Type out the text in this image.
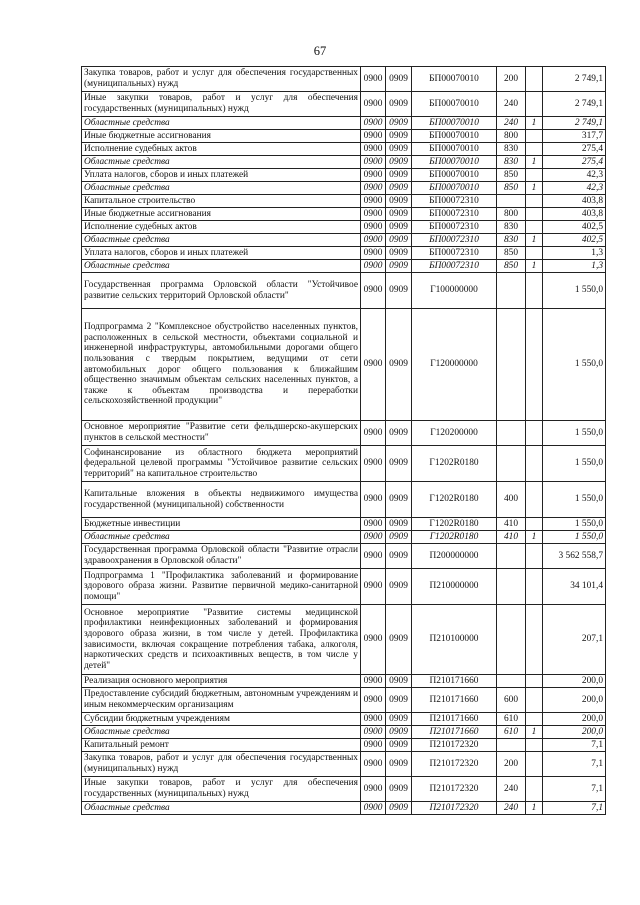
67
Закупка товаров, работ и услуг для обеспечения государственных (муниципальных) нужд	0900	0909	БП00070010	200		2 749,1
Иные закупки товаров, работ и услуг для обеспечения государственных (муниципальных) нужд	0900	0909	БП00070010	240		2 749,1
Областные средства	0900	0909	БП00070010	240	1	2 749,1
Иные бюджетные ассигнования	0900	0909	БП00070010	800		317,7
Исполнение судебных актов	0900	0909	БП00070010	830		275,4
Областные средства	0900	0909	БП00070010	830	1	275,4
Уплата налогов, сборов и иных платежей	0900	0909	БП00070010	850		42,3
Областные средства	0900	0909	БП00070010	850	1	42,3
Капитальное строительство	0900	0909	БП00072310			403,8
Иные бюджетные ассигнования	0900	0909	БП00072310	800		403,8
Исполнение судебных актов	0900	0909	БП00072310	830		402,5
Областные средства	0900	0909	БП00072310	830	1	402,5
Уплата налогов, сборов и иных платежей	0900	0909	БП00072310	850		1,3
Областные средства	0900	0909	БП00072310	850	1	1,3
Государственная программа Орловской области "Устойчивое развитие сельских территорий Орловской области"	0900	0909	Г100000000			1 550,0
Подпрограмма 2 "Комплексное обустройство населенных пунктов, расположенных в сельской местности, объектами социальной и инженерной инфраструктуры, автомобильными дорогами общего пользования с твердым покрытием, ведущими от сети автомобильных дорог общего пользования к ближайшим общественно значимым объектам сельских населенных пунктов, а также к объектам производства и переработки сельскохозяйственной продукции"	0900	0909	Г120000000			1 550,0
Основное мероприятие "Развитие сети фельдшерско-акушерских пунктов в сельской местности"	0900	0909	Г120200000			1 550,0
Софинансирование из областного бюджета мероприятий федеральной целевой программы "Устойчивое развитие сельских территорий" на капитальное строительство	0900	0909	Г1202R0180			1 550,0
Капитальные вложения в объекты недвижимого имущества государственной (муниципальной) собственности	0900	0909	Г1202R0180	400		1 550,0
Бюджетные инвестиции	0900	0909	Г1202R0180	410		1 550,0
Областные средства	0900	0909	Г1202R0180	410	1	1 550,0
Государственная программа Орловской области "Развитие отрасли здравоохранения в Орловской области"	0900	0909	П200000000			3 562 558,7
Подпрограмма 1 "Профилактика заболеваний и формирование здорового образа жизни. Развитие первичной медико-санитарной помощи"	0900	0909	П210000000			34 101,4
Основное мероприятие "Развитие системы медицинской профилактики неинфекционных заболеваний и формирования здорового образа жизни, в том числе у детей. Профилактика зависимости, включая сокращение потребления табака, алкоголя, наркотических средств и психоактивных веществ, в том числе у детей"	0900	0909	П210100000			207,1
Реализация основного мероприятия	0900	0909	П210171660			200,0
Предоставление субсидий бюджетным, автономным учреждениям и иным некоммерческим организациям	0900	0909	П210171660	600		200,0
Субсидии бюджетным учреждениям	0900	0909	П210171660	610		200,0
Областные средства	0900	0909	П210171660	610	1	200,0
Капитальный ремонт	0900	0909	П210172320			7,1
Закупка товаров, работ и услуг для обеспечения государственных (муниципальных) нужд	0900	0909	П210172320	200		7,1
Иные закупки товаров, работ и услуг для обеспечения государственных (муниципальных) нужд	0900	0909	П210172320	240		7,1
Областные средства	0900	0909	П210172320	240	1	7,1
